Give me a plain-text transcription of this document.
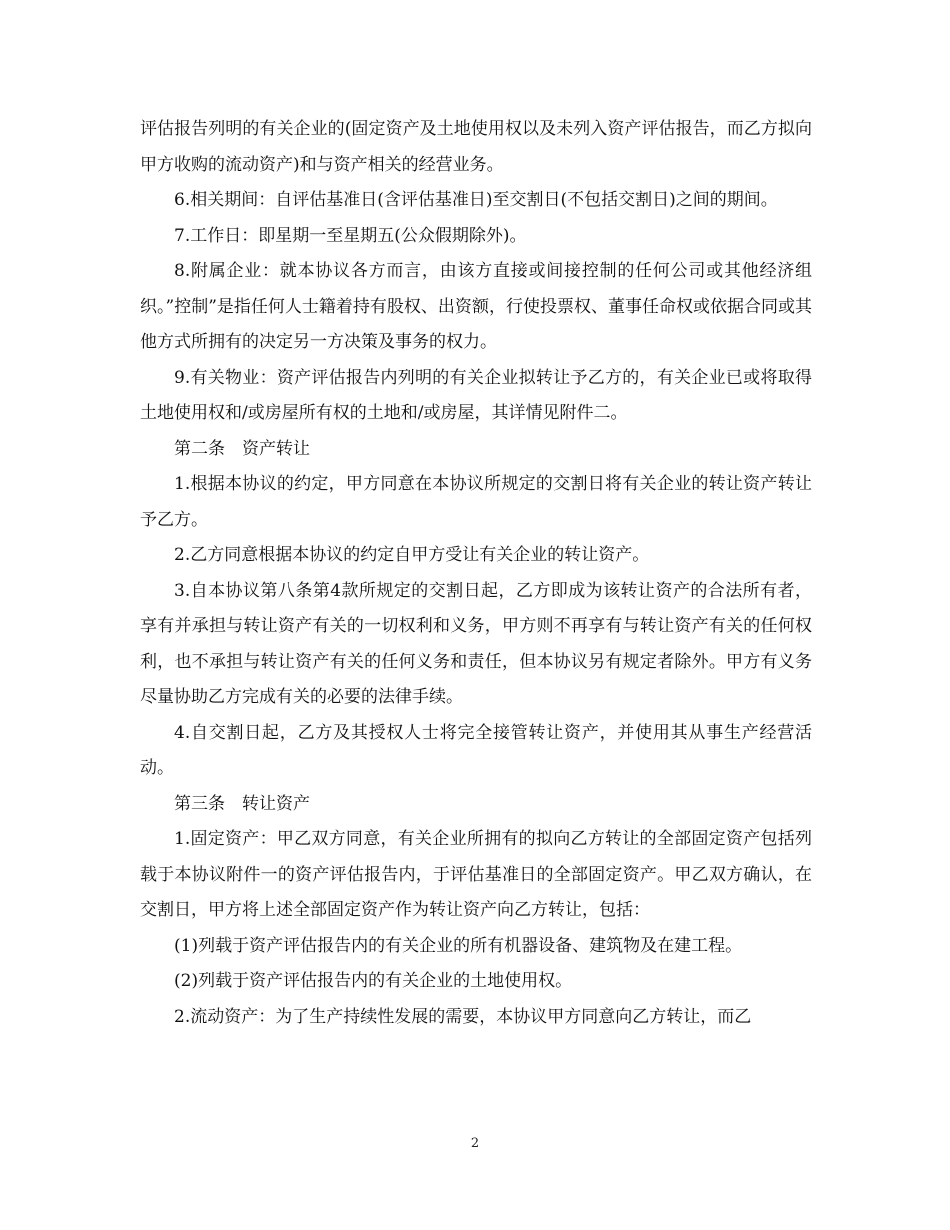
评估报告列明的有关企业的(固定资产及土地使用权以及未列入资产评估报告，而乙方拟向甲方收购的流动资产)和与资产相关的经营业务。

6.相关期间：自评估基准日(含评估基准日)至交割日(不包括交割日)之间的期间。

7.工作日：即星期一至星期五(公众假期除外)。

8.附属企业：就本协议各方而言，由该方直接或间接控制的任何公司或其他经济组织。”控制”是指任何人士籍着持有股权、出资额，行使投票权、董事任命权或依据合同或其他方式所拥有的决定另一方决策及事务的权力。

9.有关物业：资产评估报告内列明的有关企业拟转让予乙方的，有关企业已或将取得土地使用权和/或房屋所有权的土地和/或房屋，其详情见附件二。

第二条　资产转让

1.根据本协议的约定，甲方同意在本协议所规定的交割日将有关企业的转让资产转让予乙方。

2.乙方同意根据本协议的约定自甲方受让有关企业的转让资产。

3.自本协议第八条第4款所规定的交割日起，乙方即成为该转让资产的合法所有者，享有并承担与转让资产有关的一切权利和义务，甲方则不再享有与转让资产有关的任何权利，也不承担与转让资产有关的任何义务和责任，但本协议另有规定者除外。甲方有义务尽量协助乙方完成有关的必要的法律手续。

4.自交割日起，乙方及其授权人士将完全接管转让资产，并使用其从事生产经营活动。

第三条　转让资产

1.固定资产：甲乙双方同意，有关企业所拥有的拟向乙方转让的全部固定资产包括列载于本协议附件一的资产评估报告内，于评估基准日的全部固定资产。甲乙双方确认，在交割日，甲方将上述全部固定资产作为转让资产向乙方转让，包括：

(1)列载于资产评估报告内的有关企业的所有机器设备、建筑物及在建工程。

(2)列载于资产评估报告内的有关企业的土地使用权。

2.流动资产：为了生产持续性发展的需要，本协议甲方同意向乙方转让，而乙

2
